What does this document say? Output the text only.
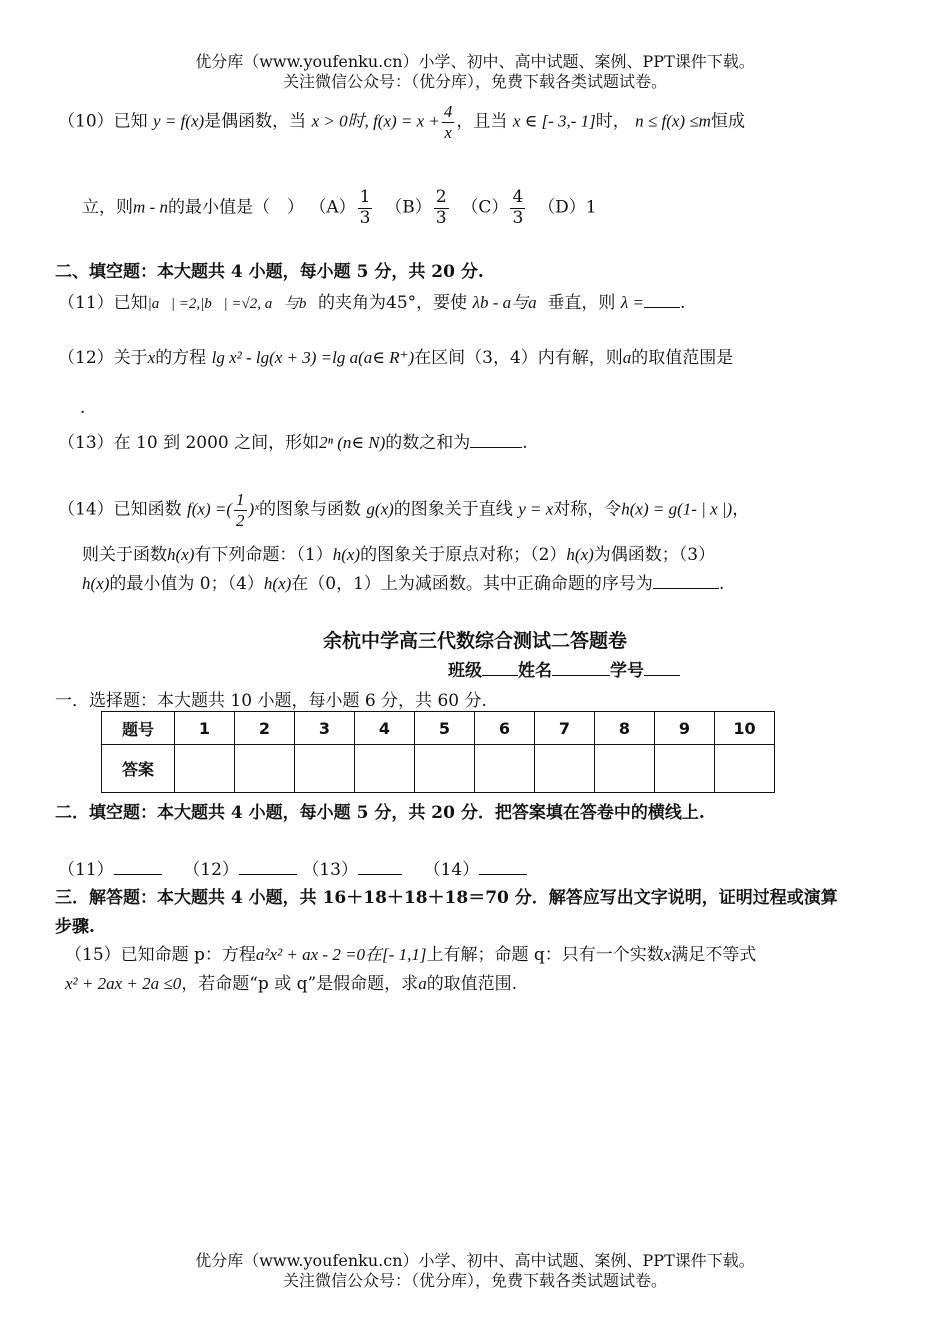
优分库（www.youfenku.cn）小学、初中、高中试题、案例、PPT课件下载。
关注微信公众号：（优分库），免费下载各类试题试卷。
（10）已知 y = f(x)是偶函数，当 x > 0时, $f(x) = x + \frac{4}{x}$ ，且当 x ∈ [- 3,- 1]时， n ≤ f(x) ≤m恒成
立，则m - n的最小值是（　） $(A) \frac{1}{3} (B) \frac{2}{3} (C) \frac{4}{3} (D)1$
二、填空题：本大题共 4 小题，每小题 5 分，共 20 分.
（11）已知|a⃗| =2,|b⃗| =√2, a⃗与b⃗的夹角为45°，要使 λb - a与a 垂直，则 λ = .
（12）关于x的方程 lg x² - lg(x + 3) =lg a(a∈ R⁺)在区间（3，4）内有解，则a的取值范围是
.
（13）在 10 到 2000 之间，形如2ⁿ (n∈ N)的数之和为	.
（14）已知函数 f(x) =( $\frac{1}{2}$ )ˣ的图象与函数 g(x)的图象关于直线 y = x对称，令h(x) = g(1- | x |)，
则关于函数h(x)有下列命题：（1）h(x)的图象关于原点对称；（2）h(x)为偶函数；（3）
h(x)的最小值为 0；（4）h(x)在（0，1）上为减函数。其中正确命题的序号为	.
余杭中学高三代数综合测试二答题卷
班级 姓名	学号
一．选择题：本大题共 10 小题，每小题 6 分，共 60 分.
题号	1	2	3	4	5	6	7	8	9	10
答案										
二．填空题：本大题共 4 小题，每小题 5 分，共 20 分．把答案填在答卷中的横线上.
（11）	（12）	（13）	（14）
三．解答题：本大题共 4 小题，共 16＋18＋18＋18＝70 分．解答应写出文字说明，证明过程或演算
步骤.
（15）已知命题 p：方程a²x² + ax - 2 =0在[- 1,1]上有解；命题 q：只有一个实数x满足不等式
x² + 2ax + 2a ≤0，若命题“p 或 q”是假命题，求a的取值范围.
优分库（www.youfenku.cn）小学、初中、高中试题、案例、PPT课件下载。
关注微信公众号：（优分库），免费下载各类试题试卷。
